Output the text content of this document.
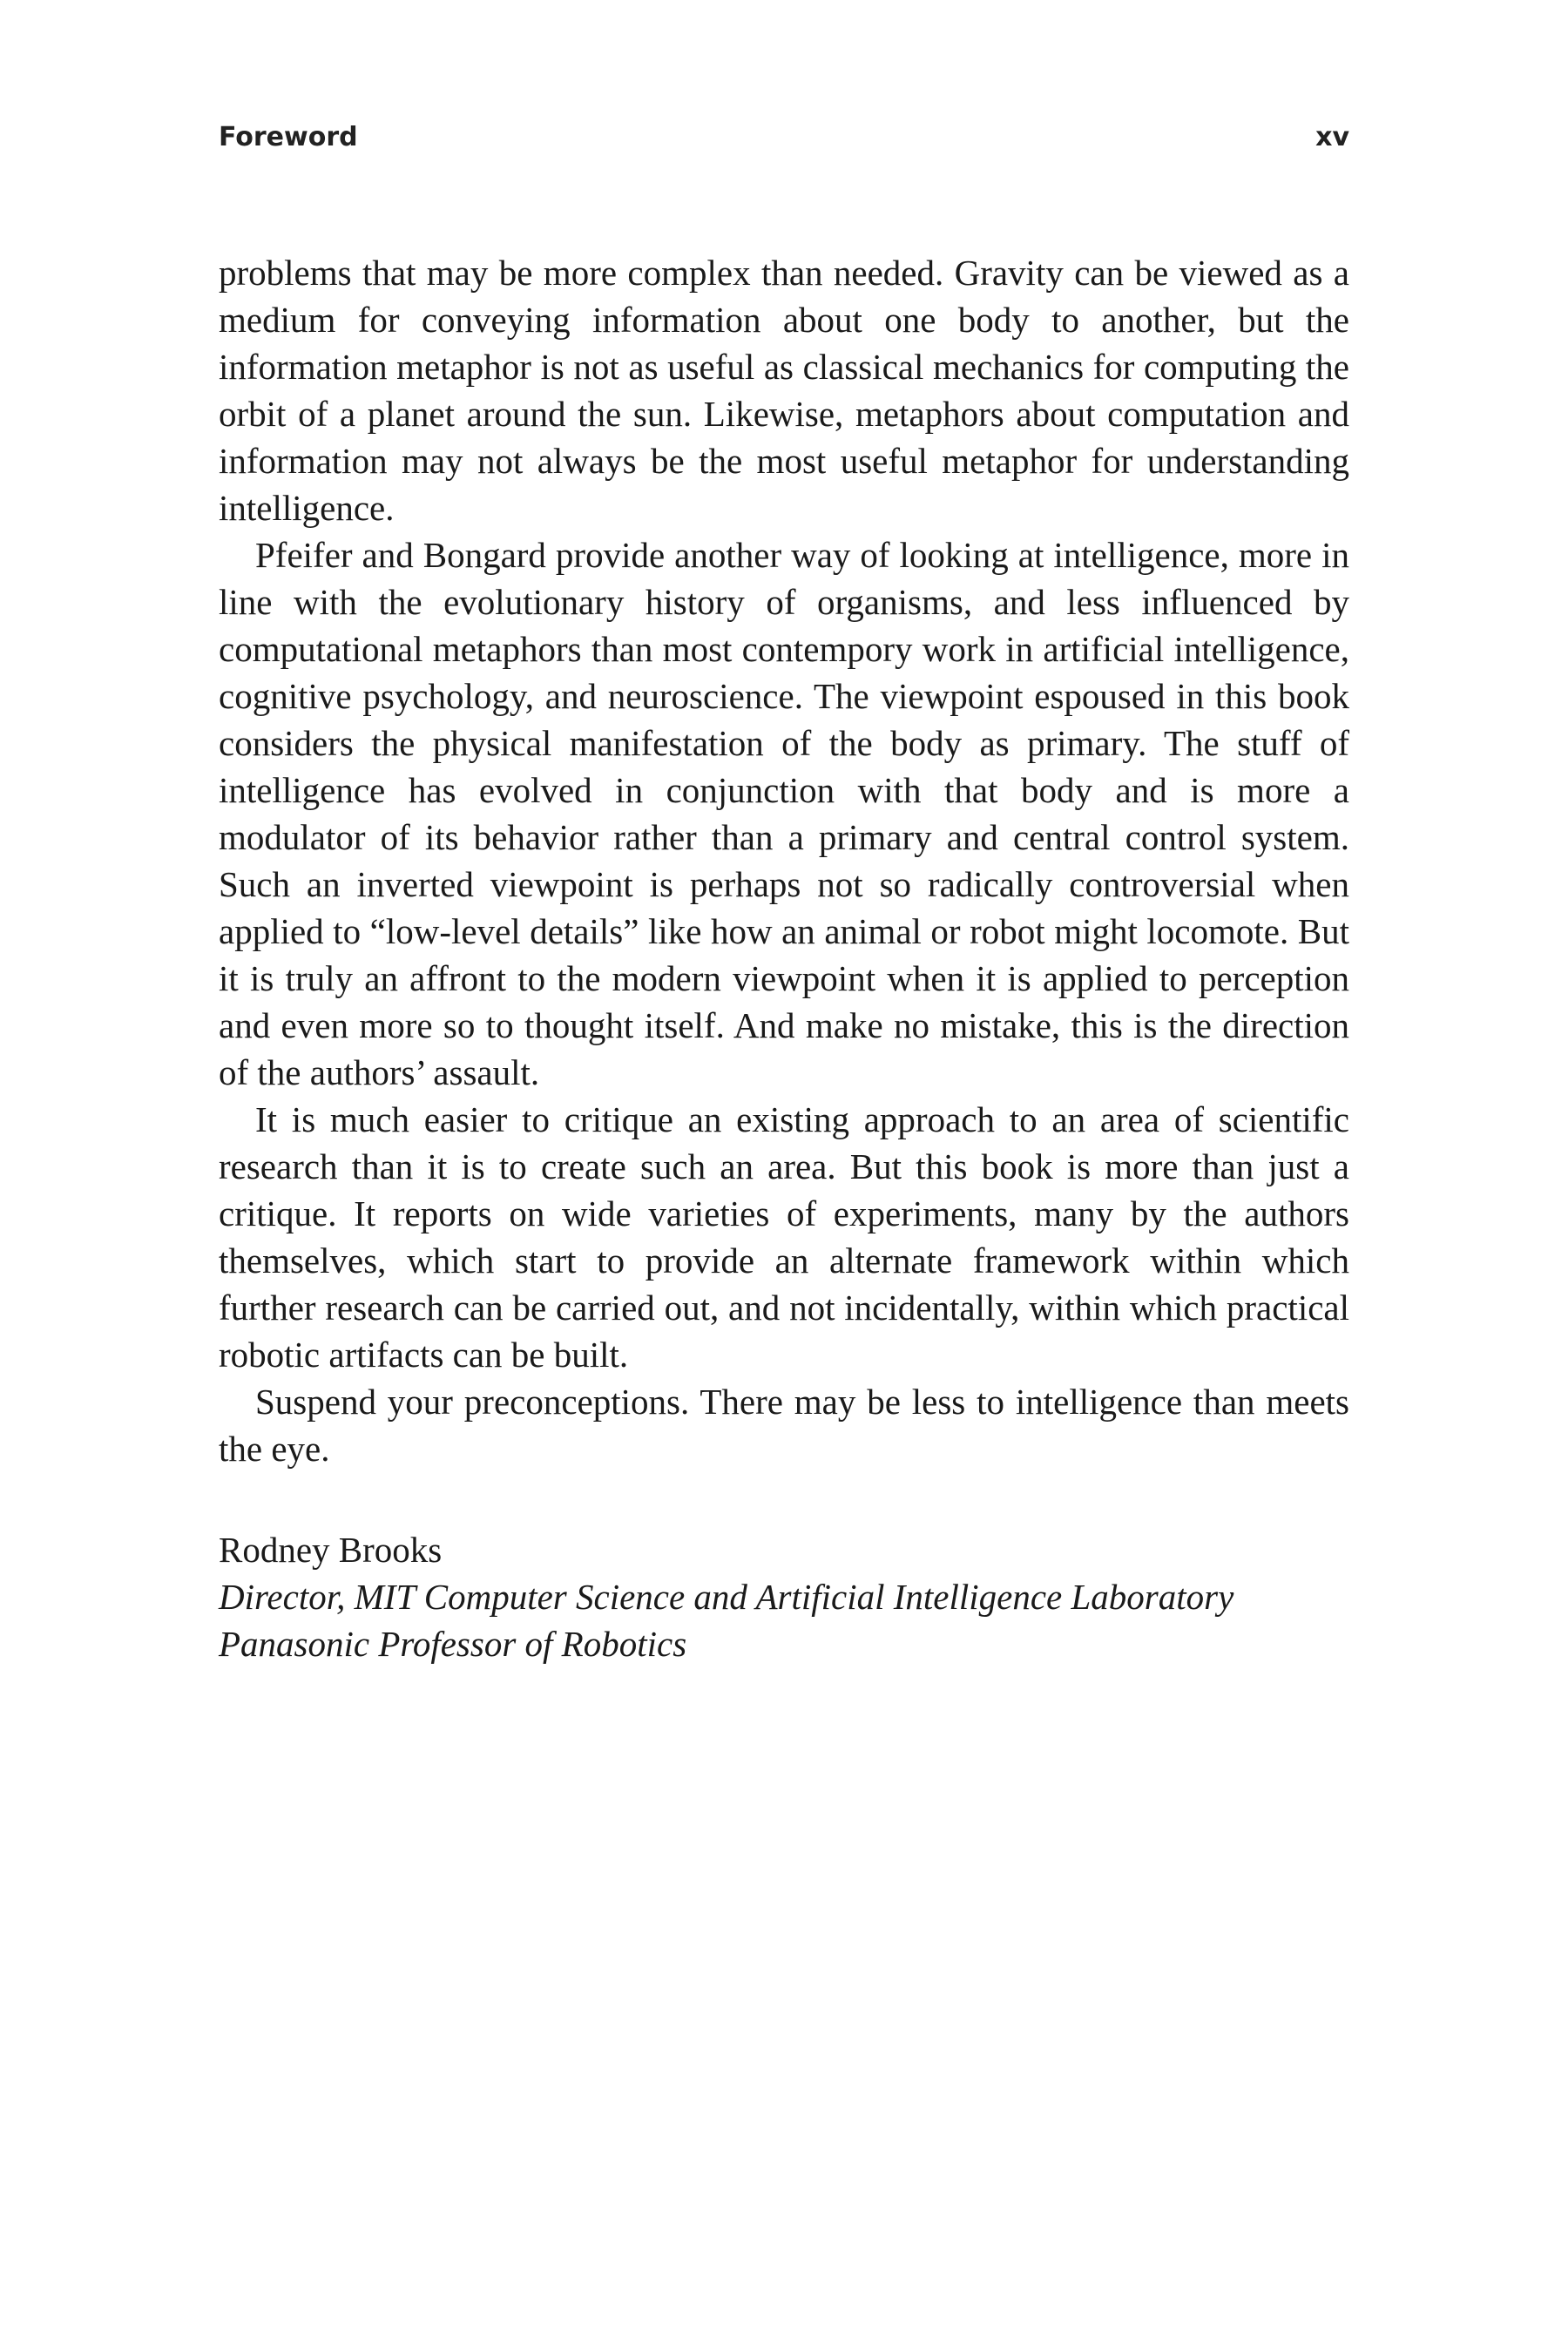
Foreword	xv

problems that may be more complex than needed. Gravity can be viewed as a medium for conveying information about one body to another, but the information metaphor is not as useful as classical mechanics for computing the orbit of a planet around the sun. Likewise, metaphors about computation and information may not always be the most useful metaphor for understanding intelligence.

Pfeifer and Bongard provide another way of looking at intelligence, more in line with the evolutionary history of organisms, and less influenced by computational metaphors than most contempory work in artificial intelligence, cognitive psychology, and neuroscience. The viewpoint espoused in this book considers the physical manifestation of the body as primary. The stuff of intelligence has evolved in conjunction with that body and is more a modulator of its behavior rather than a primary and central control system. Such an inverted viewpoint is perhaps not so radically controversial when applied to “low-level details” like how an animal or robot might locomote. But it is truly an affront to the modern viewpoint when it is applied to perception and even more so to thought itself. And make no mistake, this is the direction of the authors’ assault.

It is much easier to critique an existing approach to an area of scientific research than it is to create such an area. But this book is more than just a critique. It reports on wide varieties of experiments, many by the authors themselves, which start to provide an alternate framework within which further research can be carried out, and not incidentally, within which practical robotic artifacts can be built.

Suspend your preconceptions. There may be less to intelligence than meets the eye.

Rodney Brooks
Director, MIT Computer Science and Artificial Intelligence Laboratory
Panasonic Professor of Robotics
